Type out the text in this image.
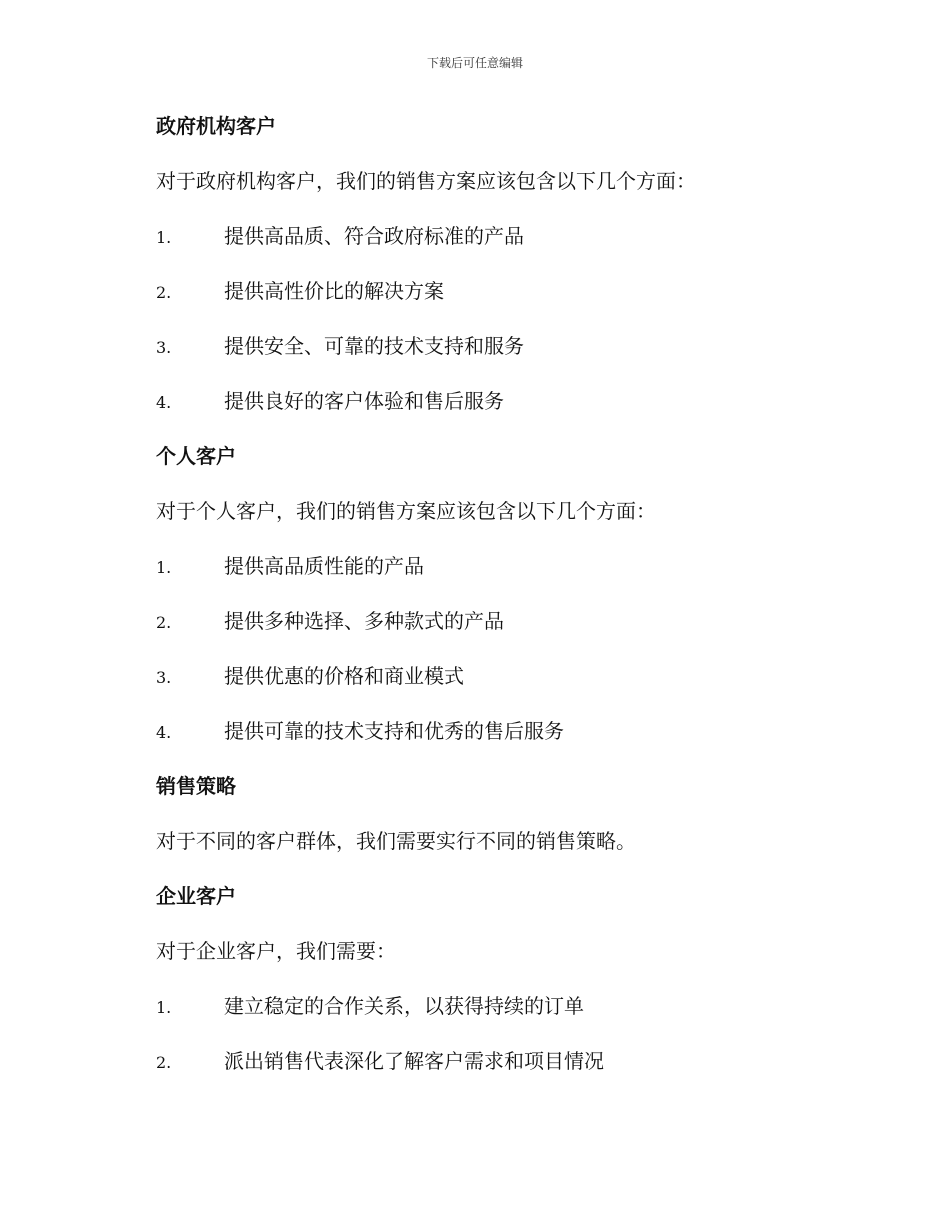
下载后可任意编辑
政府机构客户
对于政府机构客户，我们的销售方案应该包含以下几个方面：
1.	提供高品质、符合政府标准的产品
2.	提供高性价比的解决方案
3.	提供安全、可靠的技术支持和服务
4.	提供良好的客户体验和售后服务
个人客户
对于个人客户，我们的销售方案应该包含以下几个方面：
1.	提供高品质性能的产品
2.	提供多种选择、多种款式的产品
3.	提供优惠的价格和商业模式
4.	提供可靠的技术支持和优秀的售后服务
销售策略
对于不同的客户群体，我们需要实行不同的销售策略。
企业客户
对于企业客户，我们需要：
1.	建立稳定的合作关系，以获得持续的订单
2.	派出销售代表深化了解客户需求和项目情况
